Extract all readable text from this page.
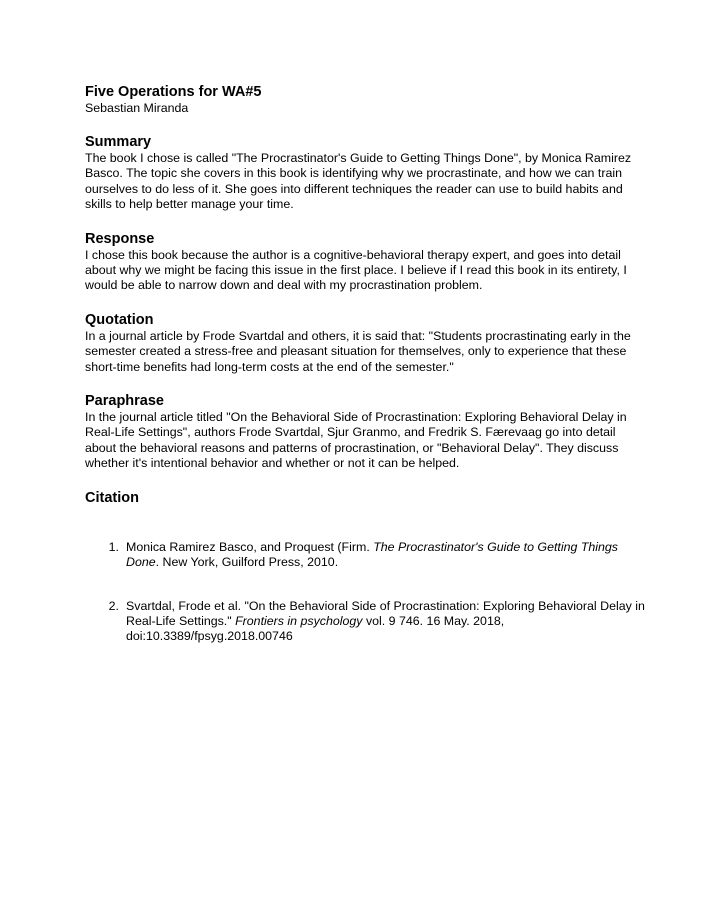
Five Operations for WA#5

Sebastian Miranda

Summary

The book I chose is called "The Procrastinator's Guide to Getting Things Done", by Monica Ramirez Basco. The topic she covers in this book is identifying why we procrastinate, and how we can train ourselves to do less of it. She goes into different techniques the reader can use to build habits and skills to help better manage your time.

Response

I chose this book because the author is a cognitive-behavioral therapy expert, and goes into detail about why we might be facing this issue in the first place. I believe if I read this book in its entirety, I would be able to narrow down and deal with my procrastination problem.

Quotation

In a journal article by Frode Svartdal and others, it is said that: "Students procrastinating early in the semester created a stress-free and pleasant situation for themselves, only to experience that these short-time benefits had long-term costs at the end of the semester."

Paraphrase

In the journal article titled "On the Behavioral Side of Procrastination: Exploring Behavioral Delay in Real-Life Settings", authors Frode Svartdal, Sjur Granmo, and Fredrik S. Færevaag go into detail about the behavioral reasons and patterns of procrastination, or "Behavioral Delay". They discuss whether it's intentional behavior and whether or not it can be helped.

Citation
1. Monica Ramirez Basco, and Proquest (Firm. The Procrastinator's Guide to Getting Things Done. New York, Guilford Press, 2010.
2. Svartdal, Frode et al. "On the Behavioral Side of Procrastination: Exploring Behavioral Delay in Real-Life Settings." Frontiers in psychology vol. 9 746. 16 May. 2018, doi:10.3389/fpsyg.2018.00746
